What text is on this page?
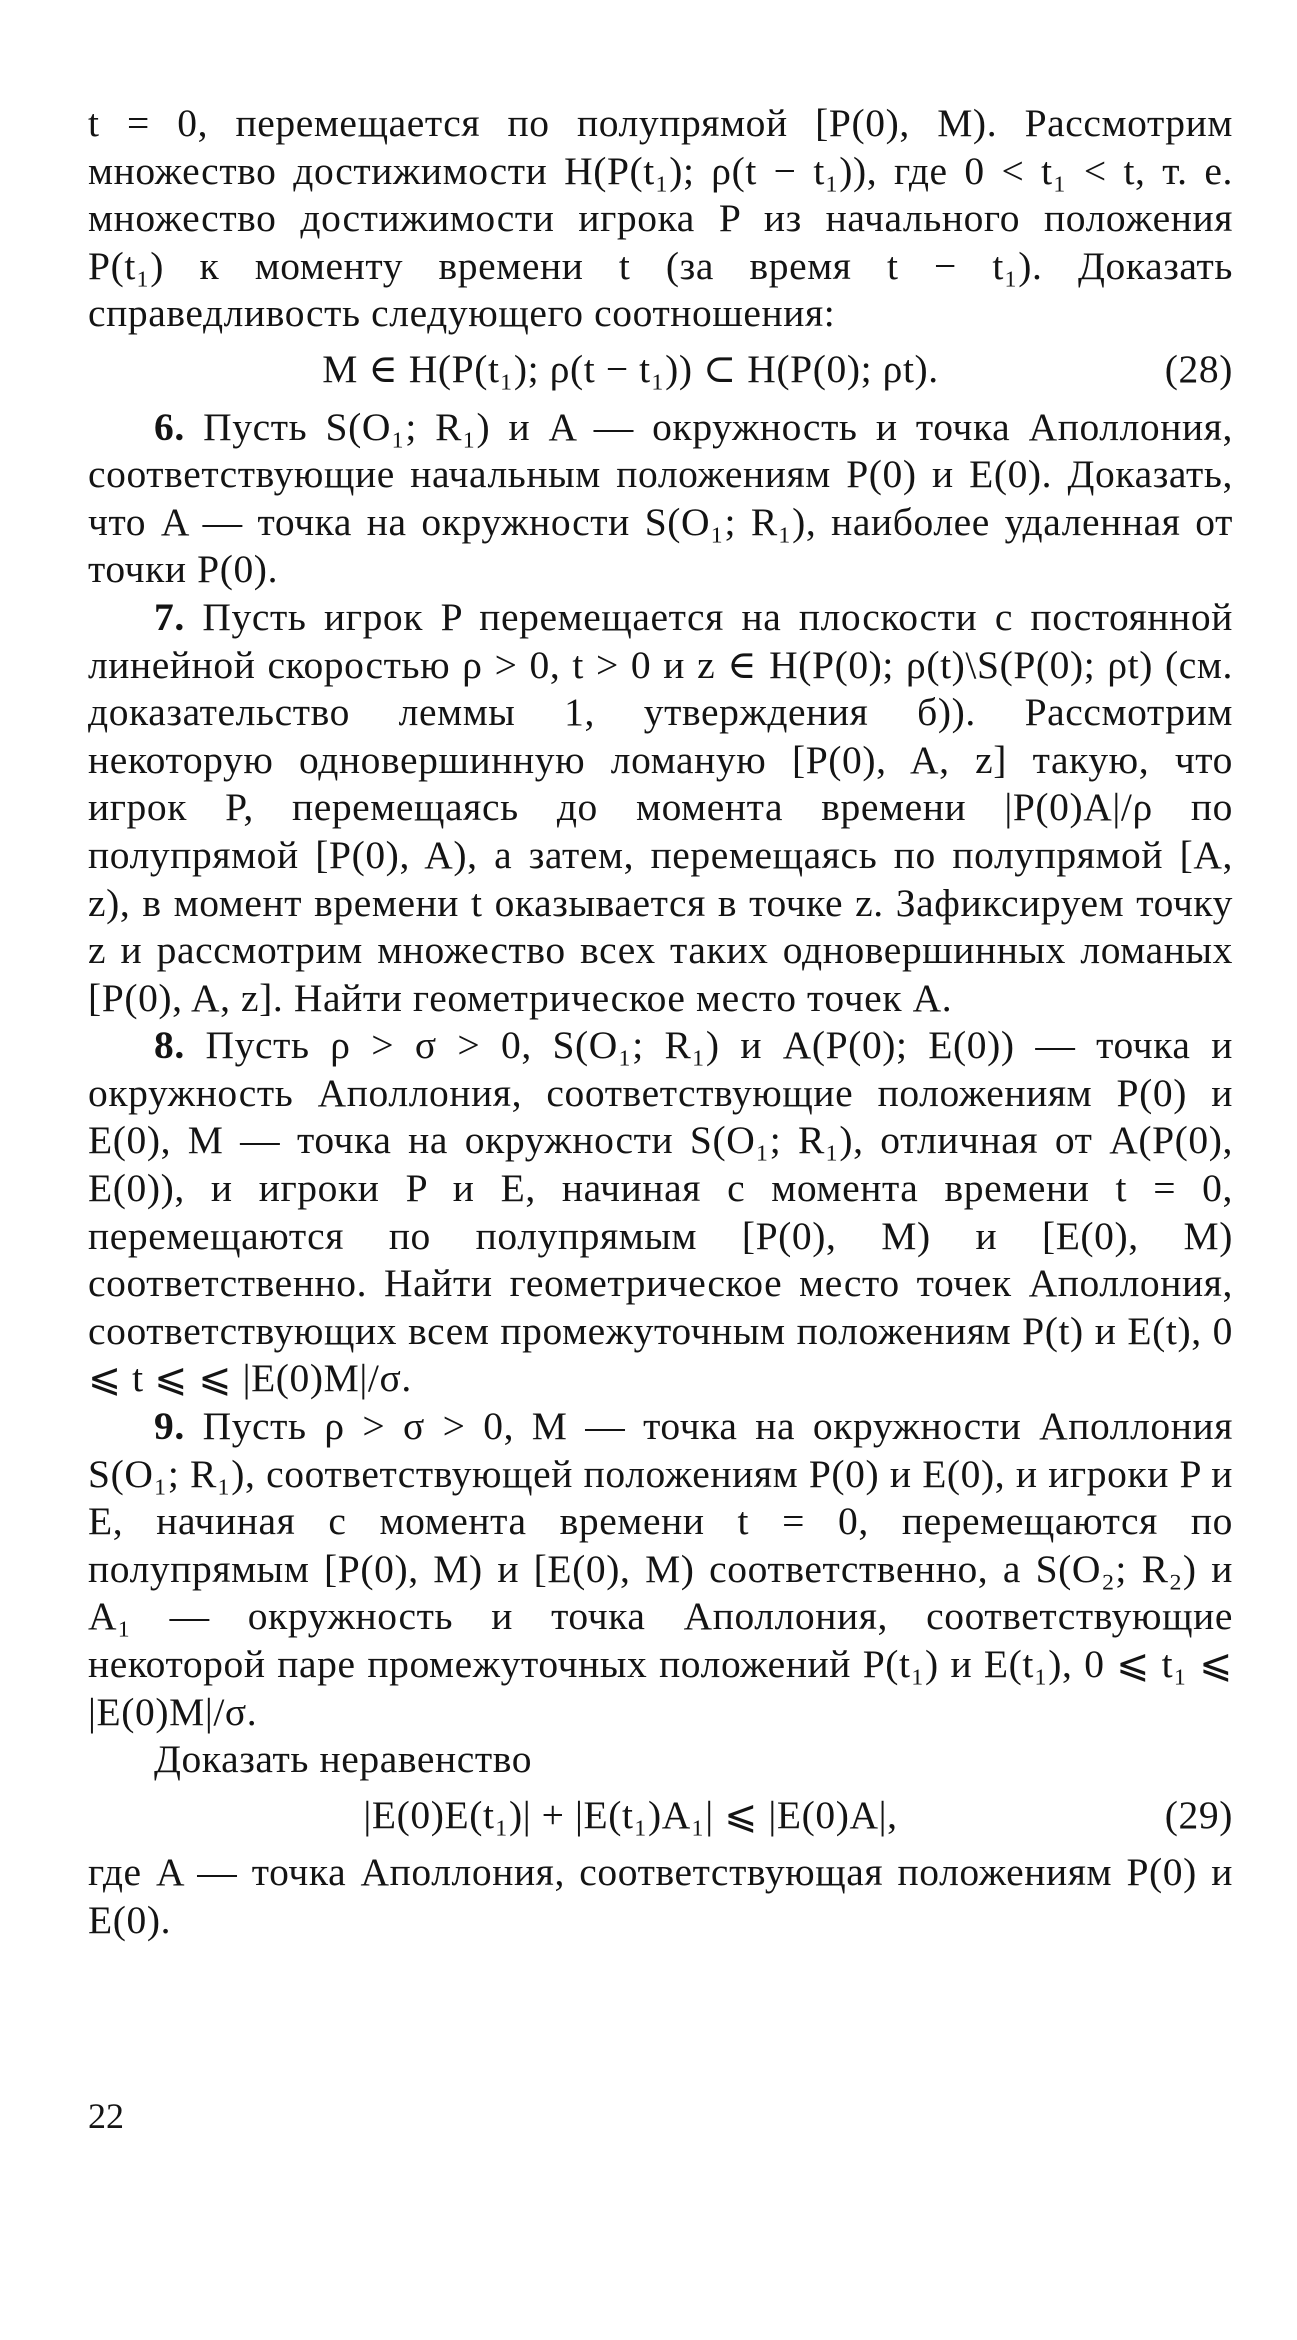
t = 0, перемещается по полупрямой [P(0), M). Рассмотрим множество достижимости H(P(t₁); ρ(t − t₁)), где 0 < t₁ < t, т. е. множество достижимости игрока P из начального положения P(t₁) к моменту времени t (за время t − t₁). Доказать справедливость следующего соотношения:

M ∈ H(P(t₁); ρ(t − t₁)) ⊂ H(P(0); ρt).	(28)

6. Пусть S(O₁; R₁) и A — окружность и точка Аполлония, соответствующие начальным положениям P(0) и E(0). Доказать, что A — точка на окружности S(O₁; R₁), наиболее удаленная от точки P(0).

7. Пусть игрок P перемещается на плоскости с постоянной линейной скоростью ρ > 0, t > 0 и z ∈ H(P(0); ρ(t)\S(P(0); ρt) (см. доказательство леммы 1, утверждения б)). Рассмотрим некоторую одновершинную ломаную [P(0), A, z] такую, что игрок P, перемещаясь до момента времени |P(0)A|/ρ по полупрямой [P(0), A), а затем, перемещаясь по полупрямой [A, z), в момент времени t оказывается в точке z. Зафиксируем точку z и рассмотрим множество всех таких одновершинных ломаных [P(0), A, z]. Найти геометрическое место точек A.

8. Пусть ρ > σ > 0, S(O₁; R₁) и A(P(0); E(0)) — точка и окружность Аполлония, соответствующие положениям P(0) и E(0), M — точка на окружности S(O₁; R₁), отличная от A(P(0), E(0)), и игроки P и E, начиная с момента времени t = 0, перемещаются по полупрямым [P(0), M) и [E(0), M) соответственно. Найти геометрическое место точек Аполлония, соответствующих всем промежуточным положениям P(t) и E(t), 0 ⩽ t ⩽ ⩽ |E(0)M|/σ.

9. Пусть ρ > σ > 0, M — точка на окружности Аполлония S(O₁; R₁), соответствующей положениям P(0) и E(0), и игроки P и E, начиная с момента времени t = 0, перемещаются по полупрямым [P(0), M) и [E(0), M) соответственно, а S(O₂; R₂) и A₁ — окружность и точка Аполлония, соответствующие некоторой паре промежуточных положений P(t₁) и E(t₁), 0 ⩽ t₁ ⩽ |E(0)M|/σ.

Доказать неравенство

|E(0)E(t₁)| + |E(t₁)A₁| ⩽ |E(0)A|,	(29)

где A — точка Аполлония, соответствующая положениям P(0) и E(0).

22
